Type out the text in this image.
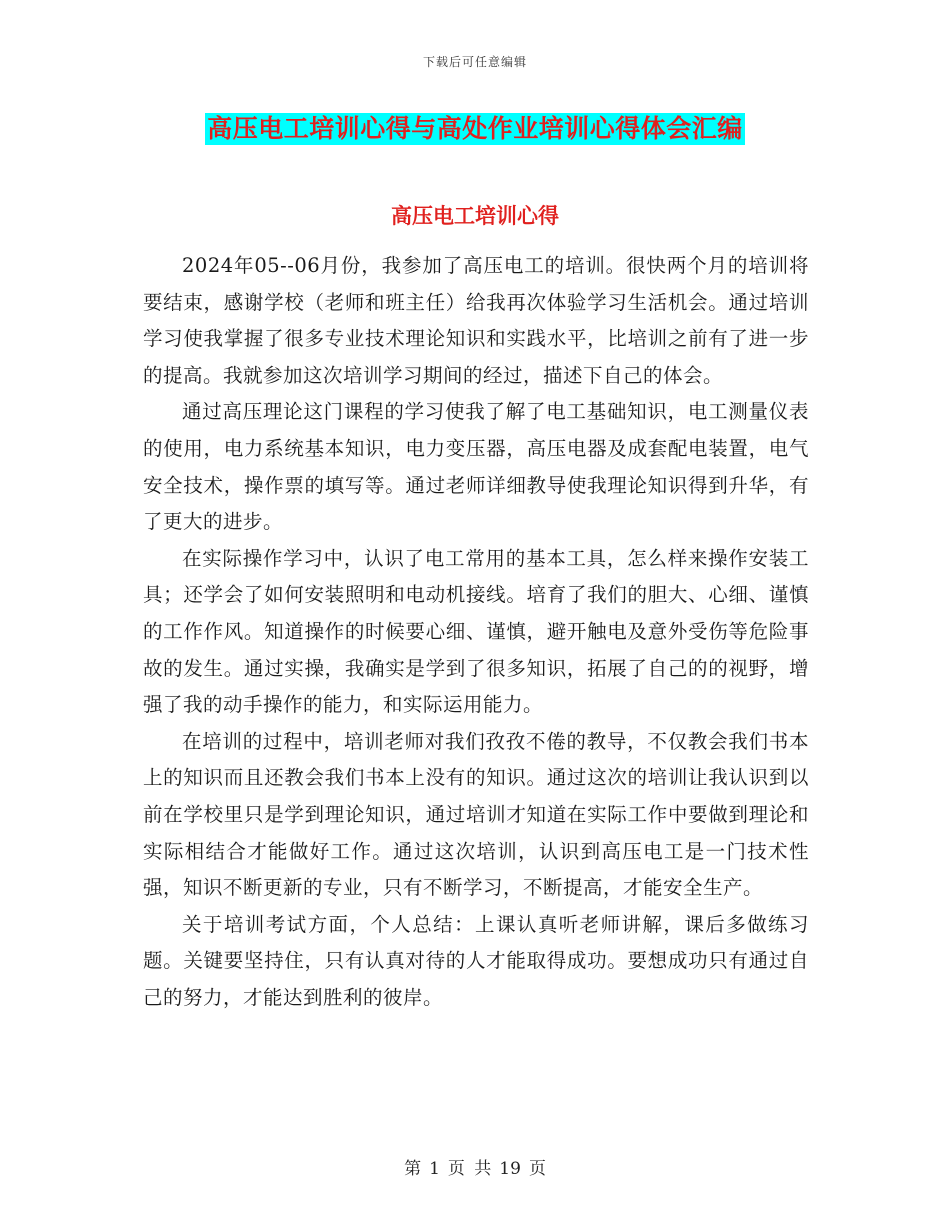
下载后可任意编辑
高压电工培训心得与高处作业培训心得体会汇编
高压电工培训心得

2024年05--06月份，我参加了高压电工的培训。很快两个月的培训将要结束，感谢学校（老师和班主任）给我再次体验学习生活机会。通过培训学习使我掌握了很多专业技术理论知识和实践水平，比培训之前有了进一步的提高。我就参加这次培训学习期间的经过，描述下自己的体会。

通过高压理论这门课程的学习使我了解了电工基础知识，电工测量仪表的使用，电力系统基本知识，电力变压器，高压电器及成套配电装置，电气安全技术，操作票的填写等。通过老师详细教导使我理论知识得到升华，有了更大的进步。

在实际操作学习中，认识了电工常用的基本工具，怎么样来操作安装工具；还学会了如何安装照明和电动机接线。培育了我们的胆大、心细、谨慎的工作作风。知道操作的时候要心细、谨慎，避开触电及意外受伤等危险事故的发生。通过实操，我确实是学到了很多知识，拓展了自己的的视野，增强了我的动手操作的能力，和实际运用能力。

在培训的过程中，培训老师对我们孜孜不倦的教导，不仅教会我们书本上的知识而且还教会我们书本上没有的知识。通过这次的培训让我认识到以前在学校里只是学到理论知识，通过培训才知道在实际工作中要做到理论和实际相结合才能做好工作。通过这次培训，认识到高压电工是一门技术性强，知识不断更新的专业，只有不断学习，不断提高，才能安全生产。

关于培训考试方面，个人总结：上课认真听老师讲解，课后多做练习题。关键要坚持住，只有认真对待的人才能取得成功。要想成功只有通过自己的努力，才能达到胜利的彼岸。

第 1 页 共 19 页
